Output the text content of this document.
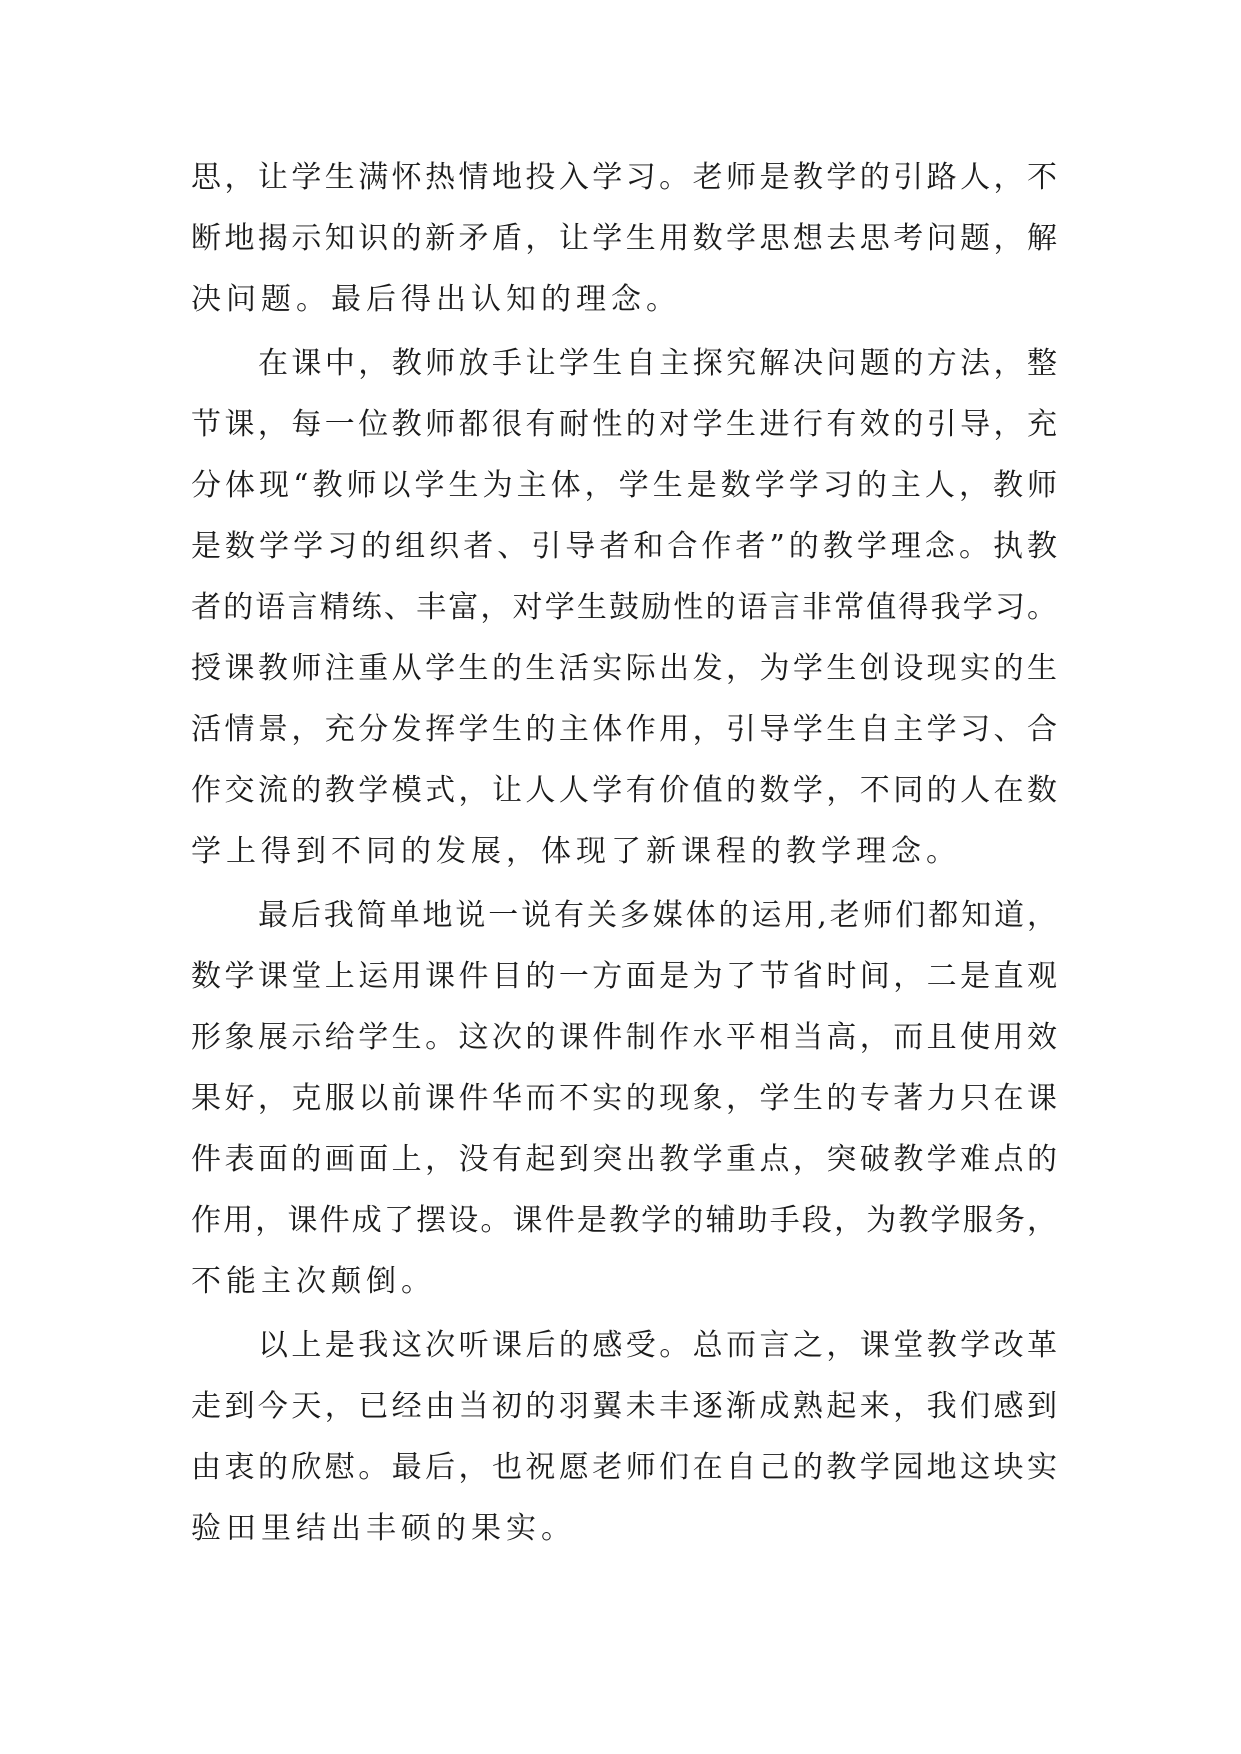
思，让学生满怀热情地投入学习。老师是教学的引路人，不
断地揭示知识的新矛盾，让学生用数学思想去思考问题，解
决问题。最后得出认知的理念。
在课中，教师放手让学生自主探究解决问题的方法，整
节课，每一位教师都很有耐性的对学生进行有效的引导，充
分体现“教师以学生为主体，学生是数学学习的主人，教师
是数学学习的组织者、引导者和合作者”的教学理念。执教
者的语言精练、丰富，对学生鼓励性的语言非常值得我学习。
授课教师注重从学生的生活实际出发，为学生创设现实的生
活情景，充分发挥学生的主体作用，引导学生自主学习、合
作交流的教学模式，让人人学有价值的数学，不同的人在数
学上得到不同的发展，体现了新课程的教学理念。
最后我简单地说一说有关多媒体的运用,老师们都知道，
数学课堂上运用课件目的一方面是为了节省时间，二是直观
形象展示给学生。这次的课件制作水平相当高，而且使用效
果好，克服以前课件华而不实的现象，学生的专著力只在课
件表面的画面上，没有起到突出教学重点，突破教学难点的
作用，课件成了摆设。课件是教学的辅助手段，为教学服务，
不能主次颠倒。
以上是我这次听课后的感受。总而言之，课堂教学改革
走到今天，已经由当初的羽翼未丰逐渐成熟起来，我们感到
由衷的欣慰。最后，也祝愿老师们在自己的教学园地这块实
验田里结出丰硕的果实。
